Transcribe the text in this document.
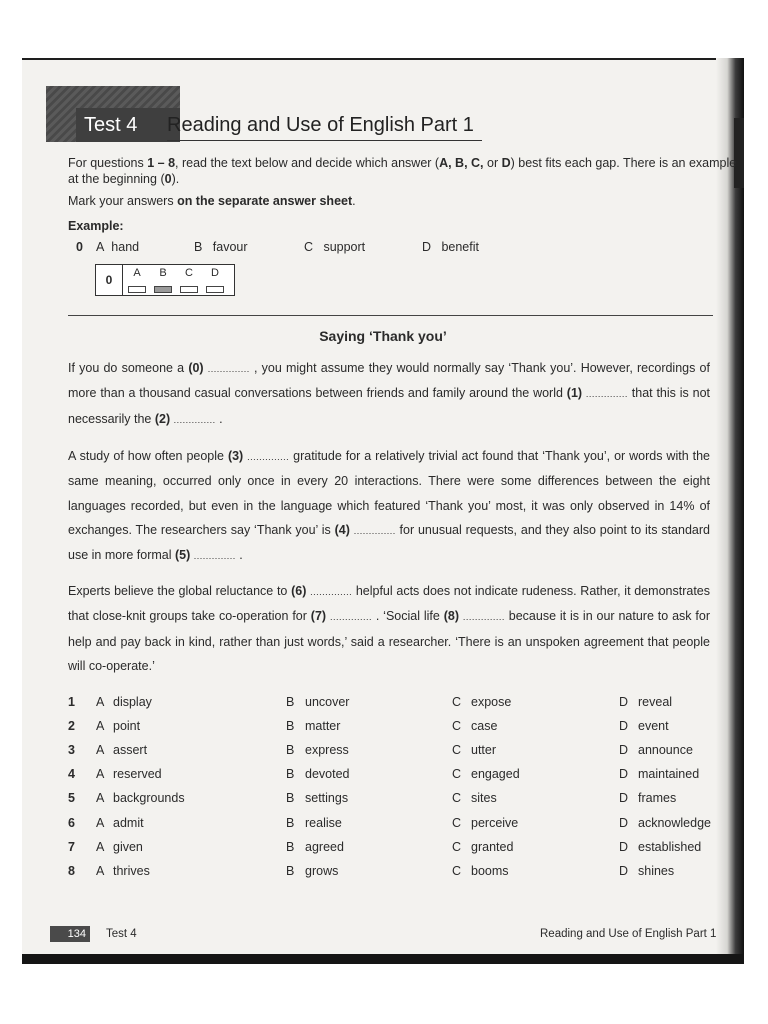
Test 4 Reading and Use of English Part 1
For questions 1 – 8, read the text below and decide which answer (A, B, C, or D) best fits each gap. There is an example
at the beginning (0).
Mark your answers on the separate answer sheet.
Example:
0 A hand	B favour	C support	D benefit
0	A	B	C D
Saying ‘Thank you’
If you do someone a (0) .............. , you might assume they would normally say ‘Thank you’. However, recordings of more than a thousand casual conversations between friends and family around the world (1) .............. that this is not necessarily the (2) .............. .
A study of how often people (3) .............. gratitude for a relatively trivial act found that ‘Thank you’, or words with the same meaning, occurred only once in every 20 interactions. There were some differences between the eight languages recorded, but even in the language which featured ‘Thank you’ most, it was only observed in 14% of exchanges. The researchers say ‘Thank you’ is (4) .............. for unusual requests, and they also point to its standard use in more formal (5) .............. .
Experts believe the global reluctance to (6) .............. helpful acts does not indicate rudeness. Rather, it demonstrates that close-knit groups take co-operation for (7) .............. . ‘Social life (8) .............. because it is in our nature to ask for help and pay back in kind, rather than just words,’ said a researcher. ‘There is an unspoken agreement that people will co-operate.’
1 A display	B uncover	C expose	D reveal
2 A point	B matter	C case	D event
3 A assert	B express	C utter	D announce
4 A reserved	B devoted	C engaged	D maintained
5 A backgrounds	B settings	C sites	D frames
6 A admit	B realise	C perceive	D acknowledge
7 A given	B agreed	C granted	D established
8 A thrives	B grows	C booms	D shines
134	Test 4	Reading and Use of English Part 1
